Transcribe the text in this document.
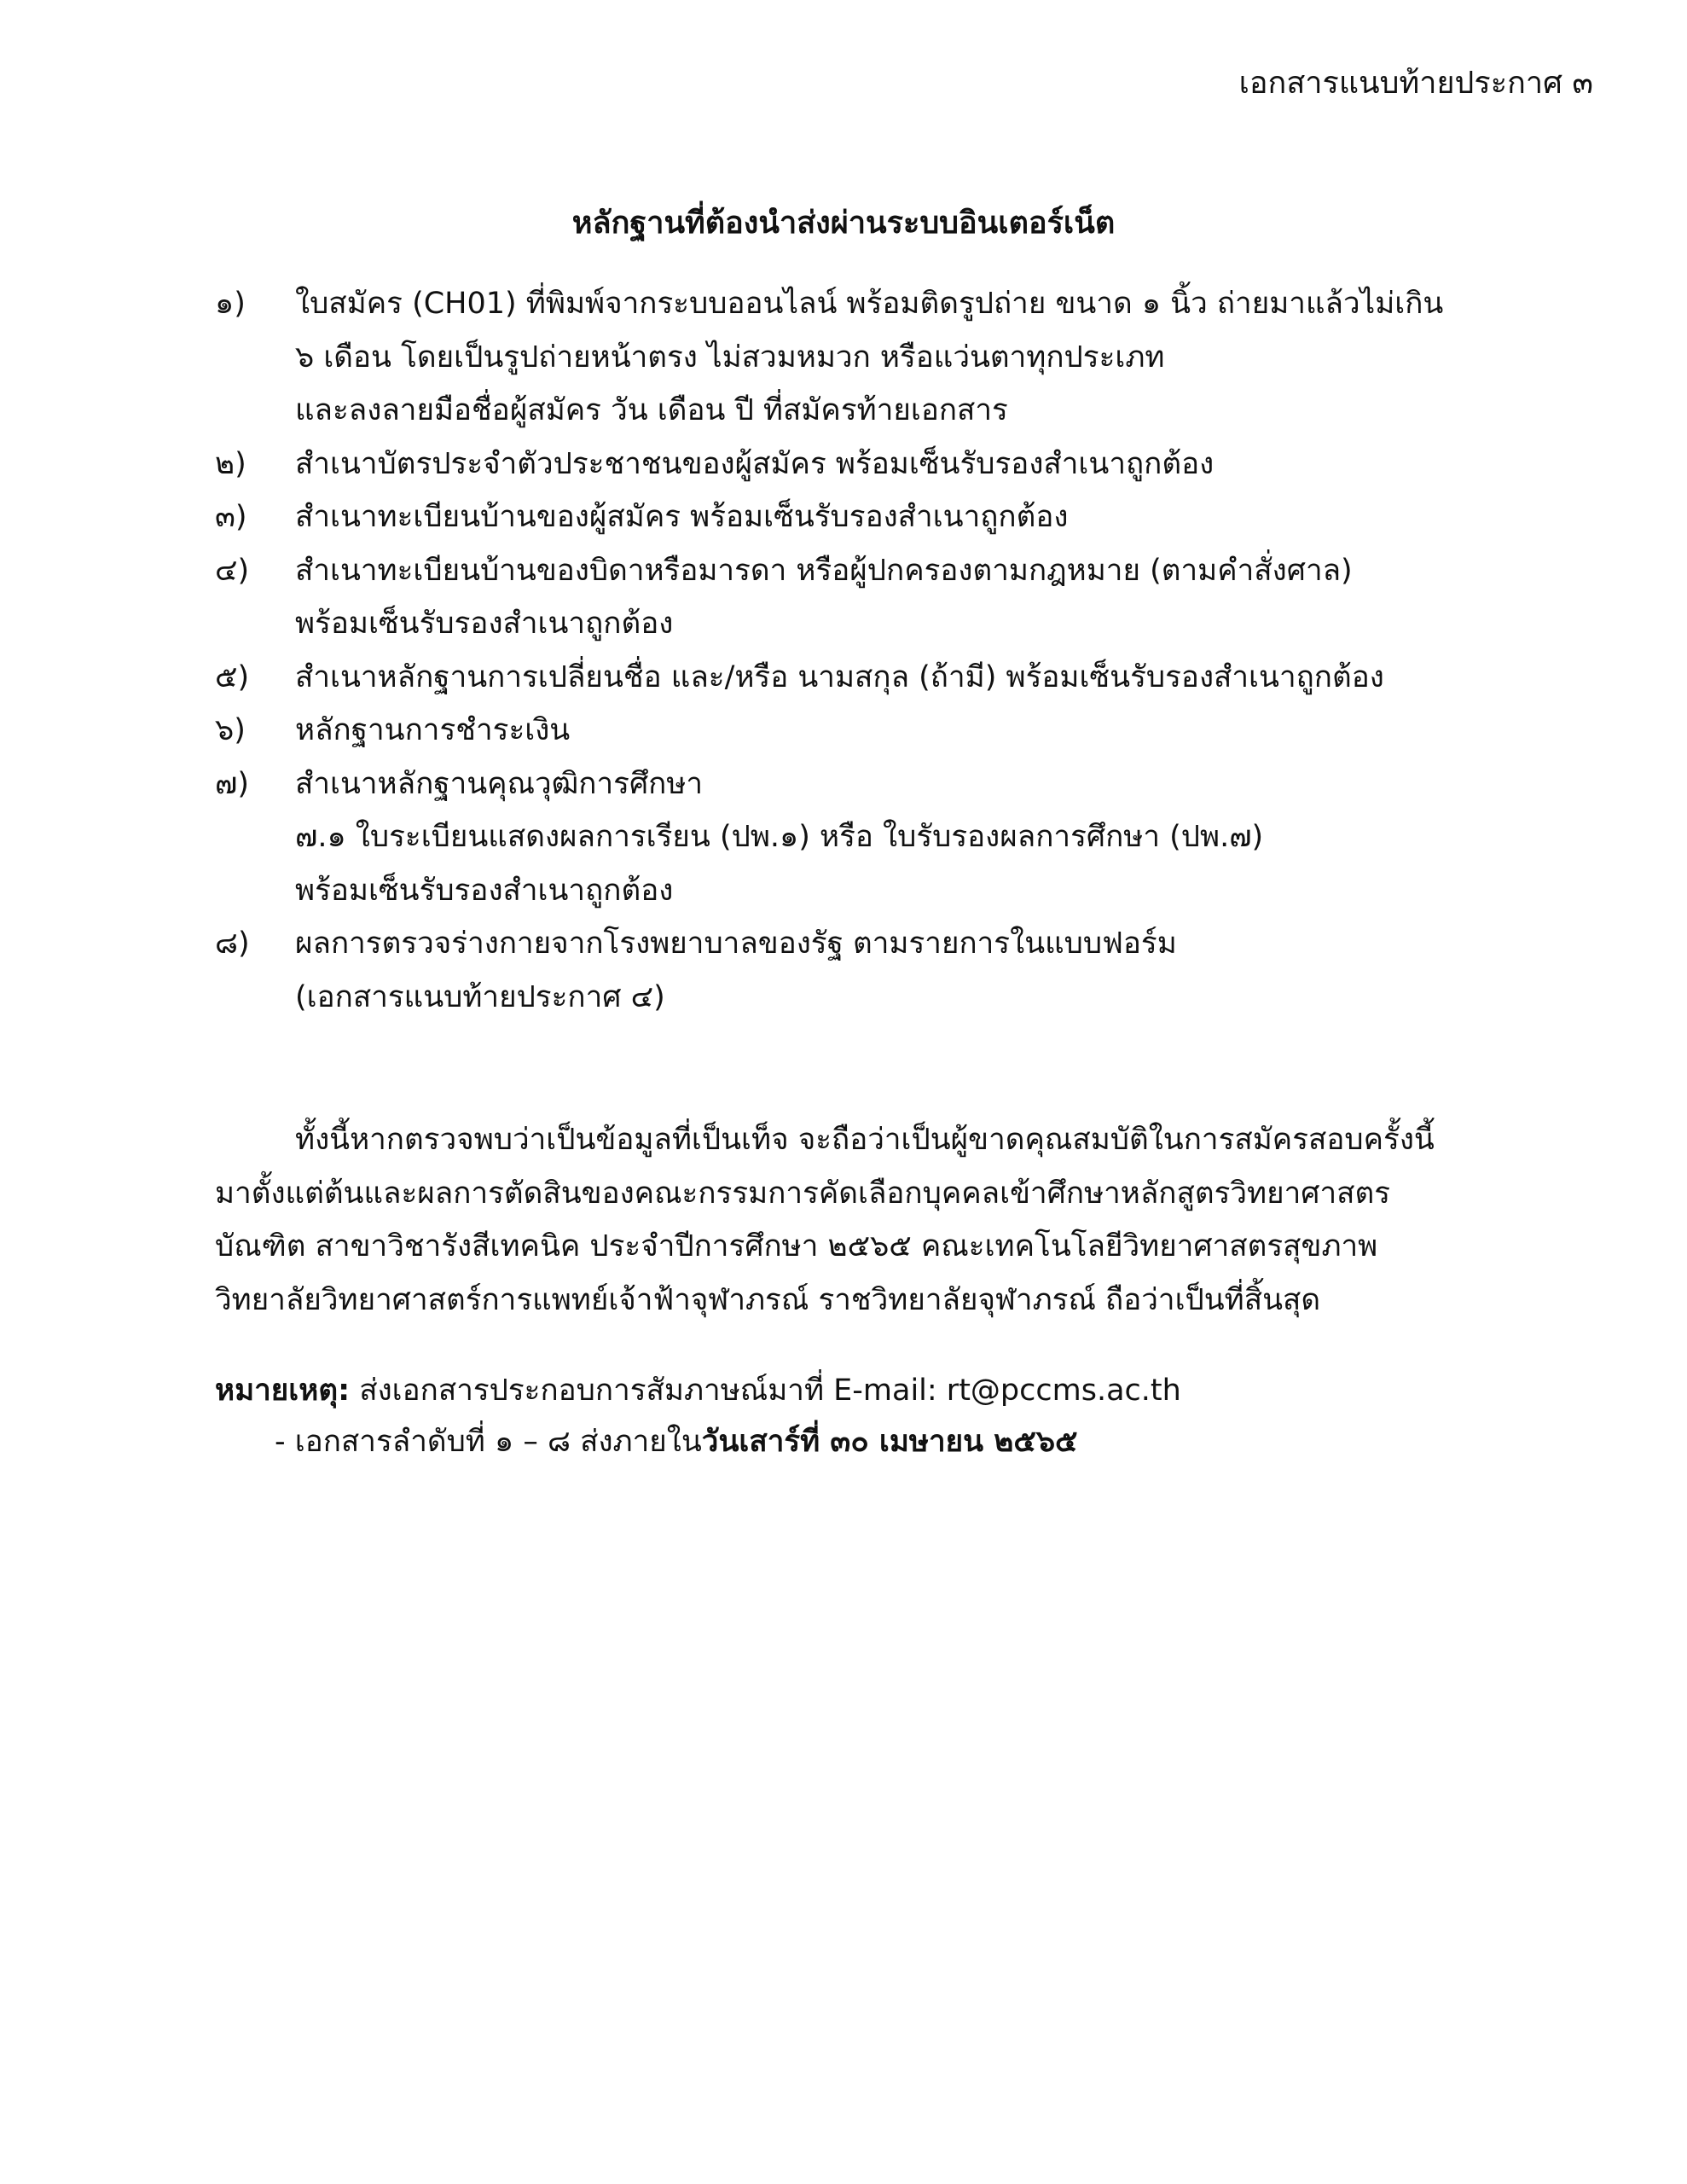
เอกสารแนบท้ายประกาศ ๓
หลักฐานที่ต้องนำส่งผ่านระบบอินเตอร์เน็ต
๑)	ใบสมัคร (CH01) ที่พิมพ์จากระบบออนไลน์ พร้อมติดรูปถ่าย ขนาด ๑ นิ้ว ถ่ายมาแล้วไม่เกิน
๖ เดือน โดยเป็นรูปถ่ายหน้าตรง ไม่สวมหมวก หรือแว่นตาทุกประเภท
และลงลายมือชื่อผู้สมัคร วัน เดือน ปี ที่สมัครท้ายเอกสาร
๒)	สำเนาบัตรประจำตัวประชาชนของผู้สมัคร พร้อมเซ็นรับรองสำเนาถูกต้อง
๓)	สำเนาทะเบียนบ้านของผู้สมัคร พร้อมเซ็นรับรองสำเนาถูกต้อง
๔)	สำเนาทะเบียนบ้านของบิดาหรือมารดา หรือผู้ปกครองตามกฎหมาย (ตามคำสั่งศาล)
พร้อมเซ็นรับรองสำเนาถูกต้อง
๕)	สำเนาหลักฐานการเปลี่ยนชื่อ และ/หรือ นามสกุล (ถ้ามี) พร้อมเซ็นรับรองสำเนาถูกต้อง
๖)	หลักฐานการชำระเงิน
๗)	สำเนาหลักฐานคุณวุฒิการศึกษา
๗.๑ ใบระเบียนแสดงผลการเรียน (ปพ.๑) หรือ ใบรับรองผลการศึกษา (ปพ.๗)
พร้อมเซ็นรับรองสำเนาถูกต้อง
๘)	ผลการตรวจร่างกายจากโรงพยาบาลของรัฐ ตามรายการในแบบฟอร์ม
(เอกสารแนบท้ายประกาศ ๔)
ทั้งนี้หากตรวจพบว่าเป็นข้อมูลที่เป็นเท็จ จะถือว่าเป็นผู้ขาดคุณสมบัติในการสมัครสอบครั้งนี้
มาตั้งแต่ต้นและผลการตัดสินของคณะกรรมการคัดเลือกบุคคลเข้าศึกษาหลักสูตรวิทยาศาสตร
บัณฑิต สาขาวิชารังสีเทคนิค ประจำปีการศึกษา ๒๕๖๕ คณะเทคโนโลยีวิทยาศาสตรสุขภาพ
วิทยาลัยวิทยาศาสตร์การแพทย์เจ้าฟ้าจุฬาภรณ์ ราชวิทยาลัยจุฬาภรณ์ ถือว่าเป็นที่สิ้นสุด
หมายเหตุ: ส่งเอกสารประกอบการสัมภาษณ์มาที่ E-mail: rt@pccms.ac.th
- เอกสารลำดับที่ ๑ – ๘ ส่งภายในวันเสาร์ที่ ๓๐ เมษายน ๒๕๖๕
